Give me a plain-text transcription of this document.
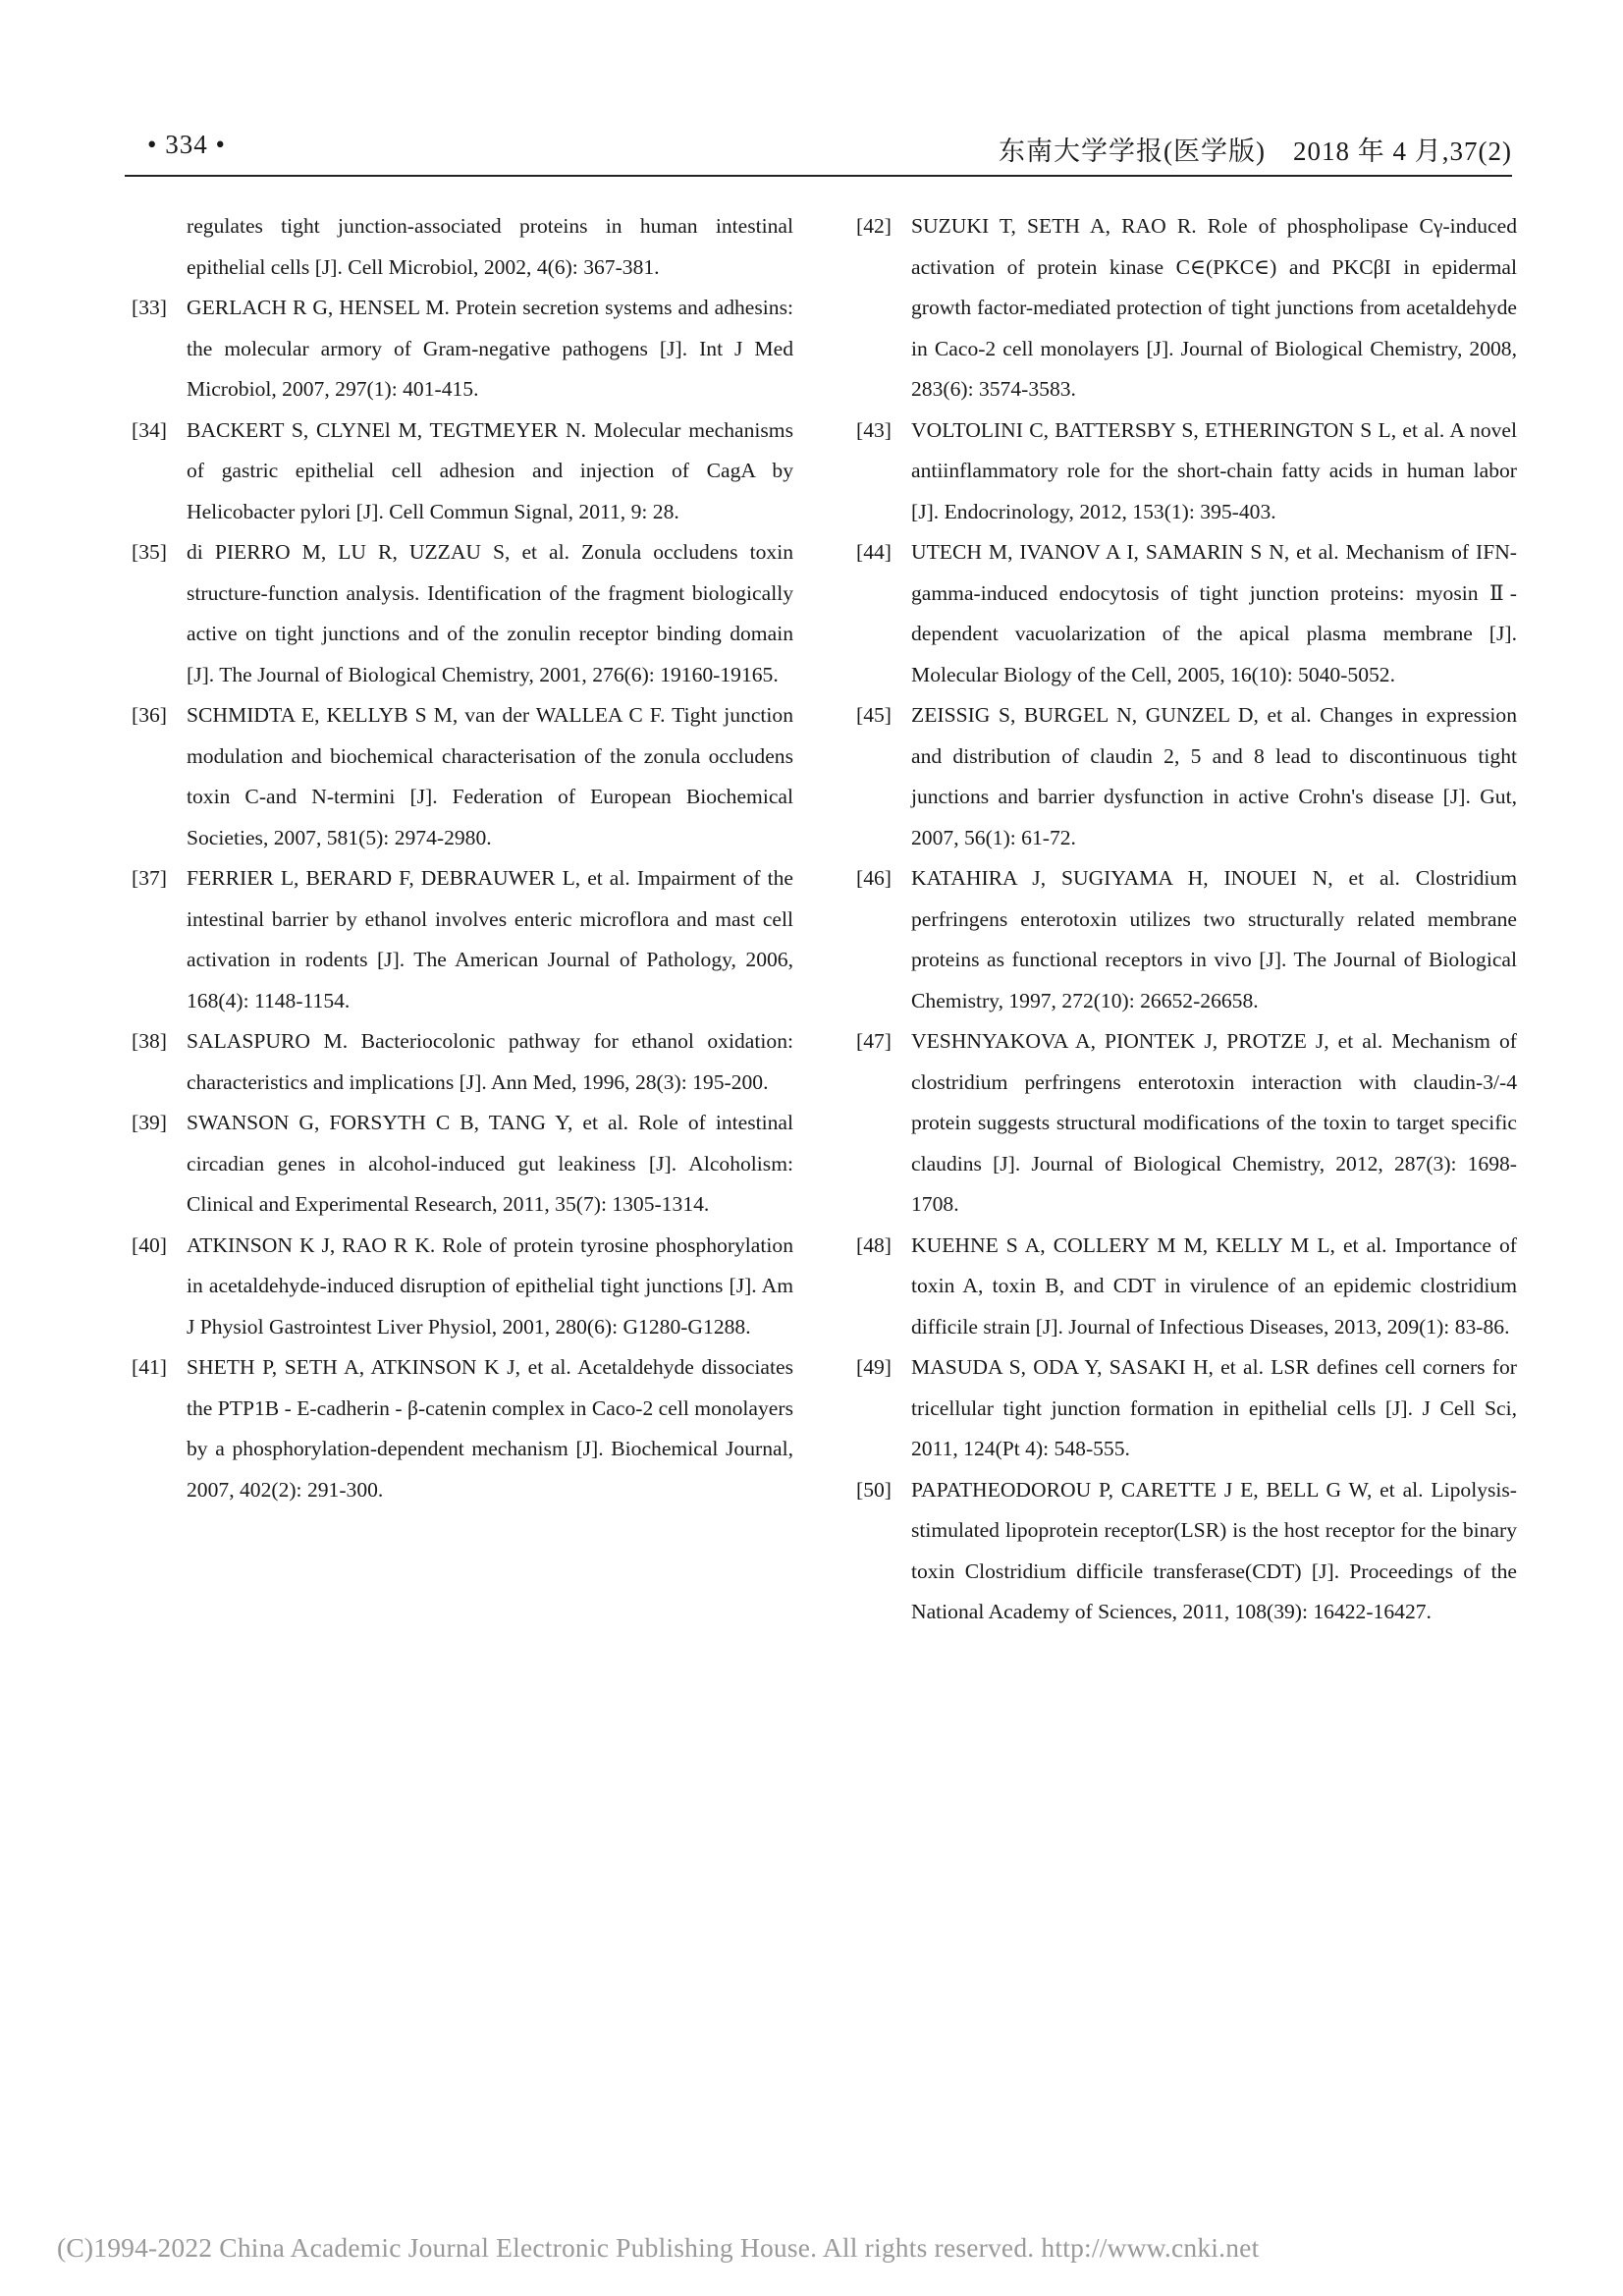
• 334 •	东南大学学报(医学版)　2018 年 4 月,37(2)
regulates tight junction-associated proteins in human intestinal epithelial cells [J]. Cell Microbiol, 2002, 4(6): 367-381.
[33] GERLACH R G, HENSEL M. Protein secretion systems and adhesins: the molecular armory of Gram-negative pathogens [J]. Int J Med Microbiol, 2007, 297(1): 401-415.
[34] BACKERT S, CLYNEl M, TEGTMEYER N. Molecular mechanisms of gastric epithelial cell adhesion and injection of CagA by Helicobacter pylori [J]. Cell Commun Signal, 2011, 9: 28.
[35] di PIERRO M, LU R, UZZAU S, et al. Zonula occludens toxin structure-function analysis. Identification of the fragment biologically active on tight junctions and of the zonulin receptor binding domain [J]. The Journal of Biological Chemistry, 2001, 276(6): 19160-19165.
[36] SCHMIDTA E, KELLYB S M, van der WALLEA C F. Tight junction modulation and biochemical characterisation of the zonula occludens toxin C-and N-termini [J]. Federation of European Biochemical Societies, 2007, 581(5): 2974-2980.
[37] FERRIER L, BERARD F, DEBRAUWER L, et al. Impairment of the intestinal barrier by ethanol involves enteric microflora and mast cell activation in rodents [J]. The American Journal of Pathology, 2006, 168(4): 1148-1154.
[38] SALASPURO M. Bacteriocolonic pathway for ethanol oxidation: characteristics and implications [J]. Ann Med, 1996, 28(3): 195-200.
[39] SWANSON G, FORSYTH C B, TANG Y, et al. Role of intestinal circadian genes in alcohol-induced gut leakiness [J]. Alcoholism: Clinical and Experimental Research, 2011, 35(7): 1305-1314.
[40] ATKINSON K J, RAO R K. Role of protein tyrosine phosphorylation in acetaldehyde-induced disruption of epithelial tight junctions [J]. Am J Physiol Gastrointest Liver Physiol, 2001, 280(6): G1280-G1288.
[41] SHETH P, SETH A, ATKINSON K J, et al. Acetaldehyde dissociates the PTP1B - E-cadherin - β-catenin complex in Caco-2 cell monolayers by a phosphorylation-dependent mechanism [J]. Biochemical Journal, 2007, 402(2): 291-300.
[42] SUZUKI T, SETH A, RAO R. Role of phospholipase Cγ-induced activation of protein kinase C∈(PKC∈) and PKCβI in epidermal growth factor-mediated protection of tight junctions from acetaldehyde in Caco-2 cell monolayers [J]. Journal of Biological Chemistry, 2008, 283(6): 3574-3583.
[43] VOLTOLINI C, BATTERSBY S, ETHERINGTON S L, et al. A novel antiinflammatory role for the short-chain fatty acids in human labor [J]. Endocrinology, 2012, 153(1): 395-403.
[44] UTECH M, IVANOV A I, SAMARIN S N, et al. Mechanism of IFN-gamma-induced endocytosis of tight junction proteins: myosin Ⅱ-dependent vacuolarization of the apical plasma membrane [J]. Molecular Biology of the Cell, 2005, 16(10): 5040-5052.
[45] ZEISSIG S, BURGEL N, GUNZEL D, et al. Changes in expression and distribution of claudin 2, 5 and 8 lead to discontinuous tight junctions and barrier dysfunction in active Crohn's disease [J]. Gut, 2007, 56(1): 61-72.
[46] KATAHIRA J, SUGIYAMA H, INOUEI N, et al. Clostridium perfringens enterotoxin utilizes two structurally related membrane proteins as functional receptors in vivo [J]. The Journal of Biological Chemistry, 1997, 272(10): 26652-26658.
[47] VESHNYAKOVA A, PIONTEK J, PROTZE J, et al. Mechanism of clostridium perfringens enterotoxin interaction with claudin-3/-4 protein suggests structural modifications of the toxin to target specific claudins [J]. Journal of Biological Chemistry, 2012, 287(3): 1698-1708.
[48] KUEHNE S A, COLLERY M M, KELLY M L, et al. Importance of toxin A, toxin B, and CDT in virulence of an epidemic clostridium difficile strain [J]. Journal of Infectious Diseases, 2013, 209(1): 83-86.
[49] MASUDA S, ODA Y, SASAKI H, et al. LSR defines cell corners for tricellular tight junction formation in epithelial cells [J]. J Cell Sci, 2011, 124(Pt 4): 548-555.
[50] PAPATHEODOROU P, CARETTE J E, BELL G W, et al. Lipolysis-stimulated lipoprotein receptor(LSR) is the host receptor for the binary toxin Clostridium difficile transferase(CDT) [J]. Proceedings of the National Academy of Sciences, 2011, 108(39): 16422-16427.
(C)1994-2022 China Academic Journal Electronic Publishing House. All rights reserved. http://www.cnki.net
